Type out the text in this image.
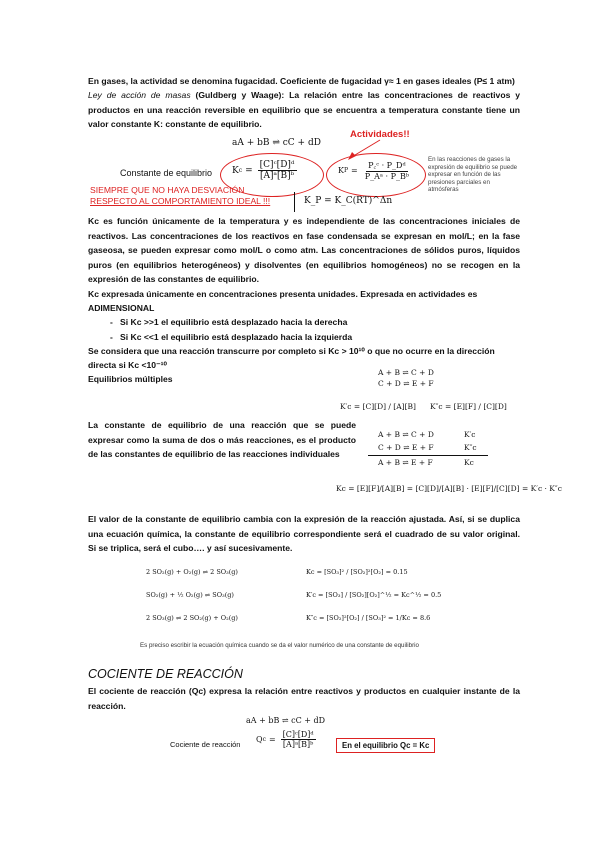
En gases, la actividad se denomina fugacidad. Coeficiente de fugacidad γ≈ 1 en gases ideales (P≤ 1 atm)
Ley de acción de masas (Guldberg y Waage): La relación entre las concentraciones de reactivos y productos en una reacción reversible en equilibrio que se encuentra a temperatura constante tiene un valor constante K: constante de equilibrio.
aA + bB ⇌ cC + dD
Actividades!!
Constante de equilibrio K $c = \frac{\text{[C]ᶜ[D]ᵈ}}{\text{[A]ᵃ[B]ᵇ}}$	K $P = \frac{\text{P꜀ᶜ · P\_Dᵈ}}{\text{P\_Aᵃ · P\_Bᵇ}}$
En las reacciones de gases la expresión de equilibrio se puede expresar en función de las presiones parciales en atmósferas
SIEMPRE QUE NO HAYA DESVIACIÓN
RESPECTO AL COMPORTAMIENTO IDEAL !!!	K_P = K_C(RT)^Δn
Kc es función únicamente de la temperatura y es independiente de las concentraciones iniciales de reactivos. Las concentraciones de los reactivos en fase condensada se expresan en mol/L; en la fase gaseosa, se pueden expresar como mol/L o como atm. Las concentraciones de sólidos puros, líquidos puros (en equilibrios heterogéneos) y disolventes (en equilibrios homogéneos) no se recogen en la expresión de las constantes de equilibrio.
Kc expresada únicamente en concentraciones presenta unidades. Expresada en actividades es
ADIMENSIONAL
- Si Kc >>1 el equilibrio está desplazado hacia la derecha
- Si Kc <<1 el equilibrio está desplazado hacia la izquierda
Se considera que una reacción transcurre por completo si Kc > 10¹⁰ o que no ocurre en la dirección
directa si Kc <10⁻¹⁰
Equilibrios múltiples
A + B ⇌ C + D
C + D ⇌ E + F
K′c = [C][D] / [A][B] K″c = [E][F] / [C][D]
La constante de equilibrio de una reacción que se puede expresar como la suma de dos o más reacciones, es el producto de las constantes de equilibrio de las reacciones individuales
A + B ⇌ C + D	K′c
C + D ⇌ E + F	K″c
A + B ⇌ E + F	Kc
Kc = [E][F]/[A][B] = [C][D]/[A][B] · [E][F]/[C][D] = K′c · K″c
El valor de la constante de equilibrio cambia con la expresión de la reacción ajustada. Así, si se duplica una ecuación química, la constante de equilibrio correspondiente será el cuadrado de su valor original. Si se triplica, será el cubo…. y así sucesivamente.
2 SO₂(g) + O₂(g) ⇌ 2 SO₃(g)	Kc = [SO₃]² / [SO₂]²[O₂] = 0.15
SO₂(g) + ½ O₂(g) ⇌ SO₃(g)	K′c = [SO₃] / [SO₂][O₂]^½ = Kc^½ = 0.5
2 SO₃(g) ⇌ 2 SO₂(g) + O₂(g)	K″c = [SO₂]²[O₂] / [SO₃]² = 1/Kc = 8.6
Es preciso escribir la ecuación química cuando se da el valor numérico de una constante de equilibrio
COCIENTE DE REACCIÓN
El cociente de reacción (Qc) expresa la relación entre reactivos y productos en cualquier instante de la reacción.
aA + bB ⇌ cC + dD
Cociente de reacción
Q $c = \frac{\text{[C]ᶜ[D]ᵈ}}{\text{[A]ᵃ[B]ᵇ}}$	En el equilibrio Qc = Kc
